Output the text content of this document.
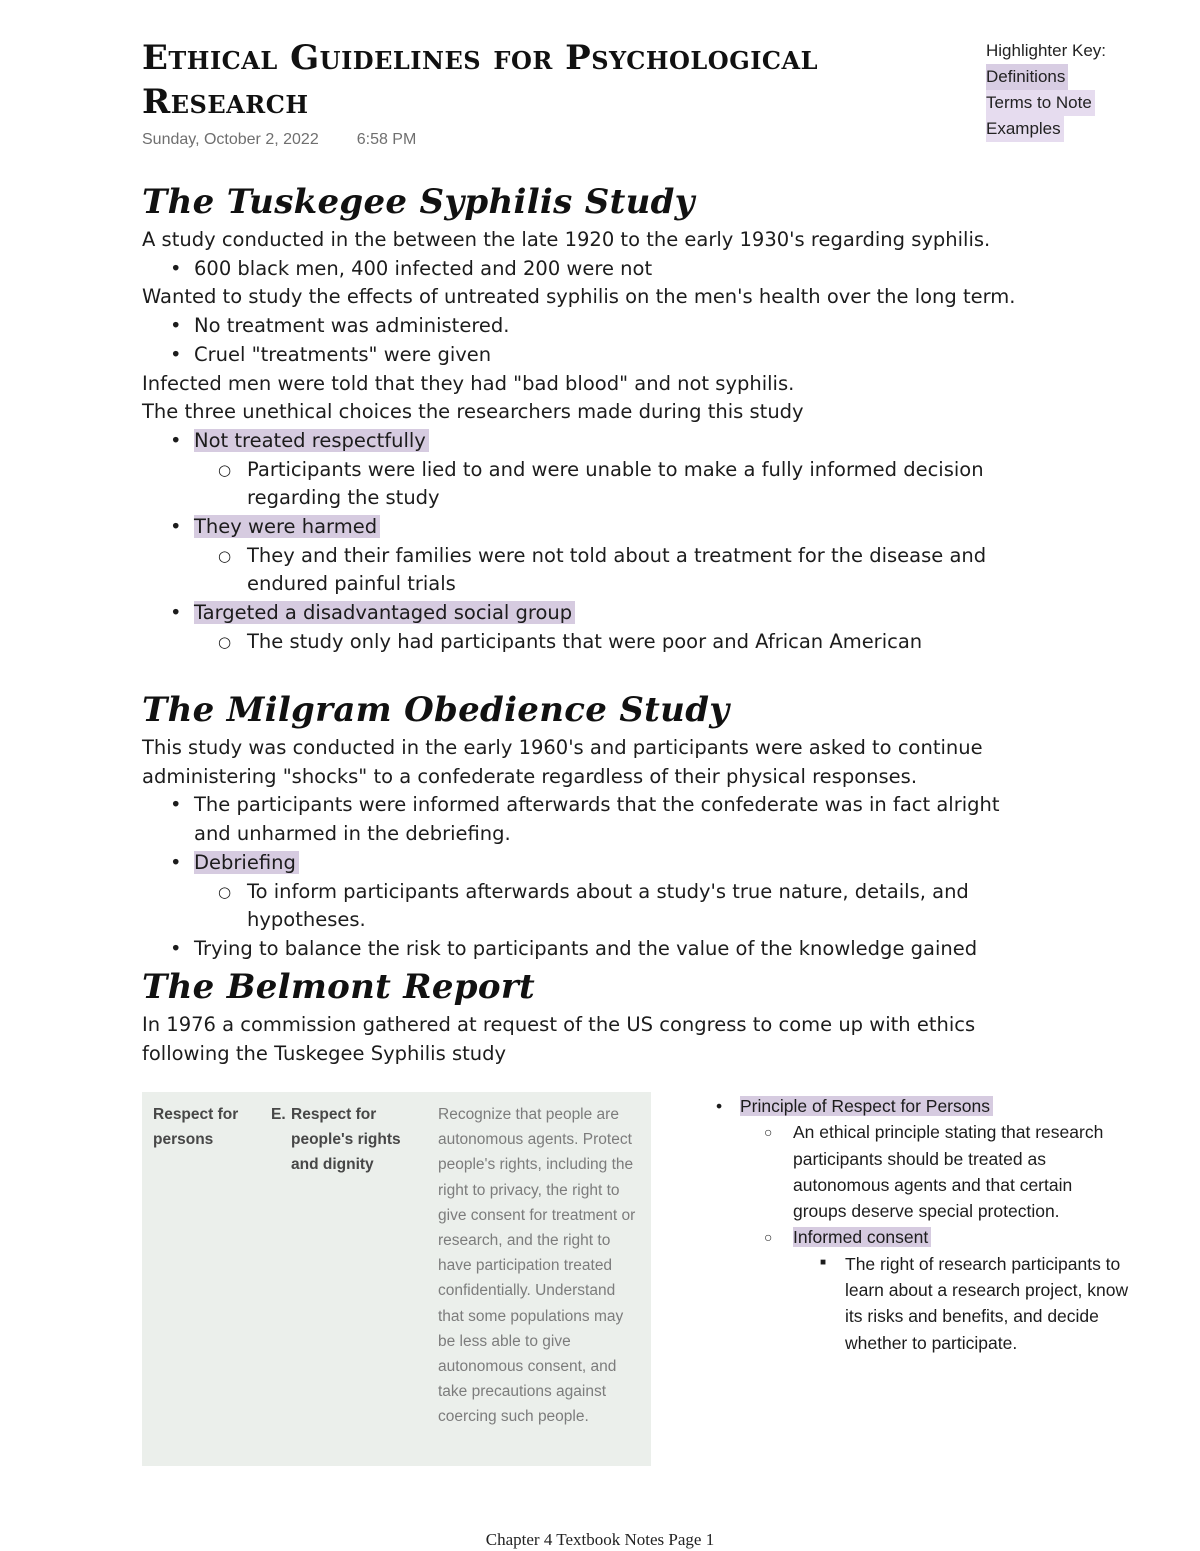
Ethical Guidelines for Psychological
Research
Sunday, October 2, 2022 6:58 PM
Highlighter Key:
Definitions
Terms to Note
Examples
The Tuskegee Syphilis Study

A study conducted in the between the late 1920 to the early 1930's regarding syphilis.

• 600 black men, 400 infected and 200 were not

Wanted to study the effects of untreated syphilis on the men's health over the long term.

• No treatment was administered.
• Cruel "treatments" were given

Infected men were told that they had "bad blood" and not syphilis.

The three unethical choices the researchers made during this study

• Not treated respectfully
○ Participants were lied to and were unable to make a fully informed decision regarding the study
• They were harmed
○ They and their families were not told about a treatment for the disease and endured painful trials
• Targeted a disadvantaged social group
○ The study only had participants that were poor and African American
The Milgram Obedience Study

This study was conducted in the early 1960's and participants were asked to continue administering "shocks" to a confederate regardless of their physical responses.

• The participants were informed afterwards that the confederate was in fact alright and unharmed in the debriefing.
• Debriefing
○ To inform participants afterwards about a study's true nature, details, and hypotheses.
• Trying to balance the risk to participants and the value of the knowledge gained
The Belmont Report

In 1976 a commission gathered at request of the US congress to come up with ethics following the Tuskegee Syphilis study

Respect for persons
E. Respect for people's rights and dignity
Recognize that people are autonomous agents. Protect people's rights, including the right to privacy, the right to give consent for treatment or research, and the right to have participation treated confidentially. Understand that some populations may be less able to give autonomous consent, and take precautions against coercing such people.
• Principle of Respect for Persons
○ An ethical principle stating that research participants should be treated as autonomous agents and that certain groups deserve special protection.
○ Informed consent
■ The right of research participants to learn about a research project, know its risks and benefits, and decide whether to participate.
Chapter 4 Textbook Notes Page 1
